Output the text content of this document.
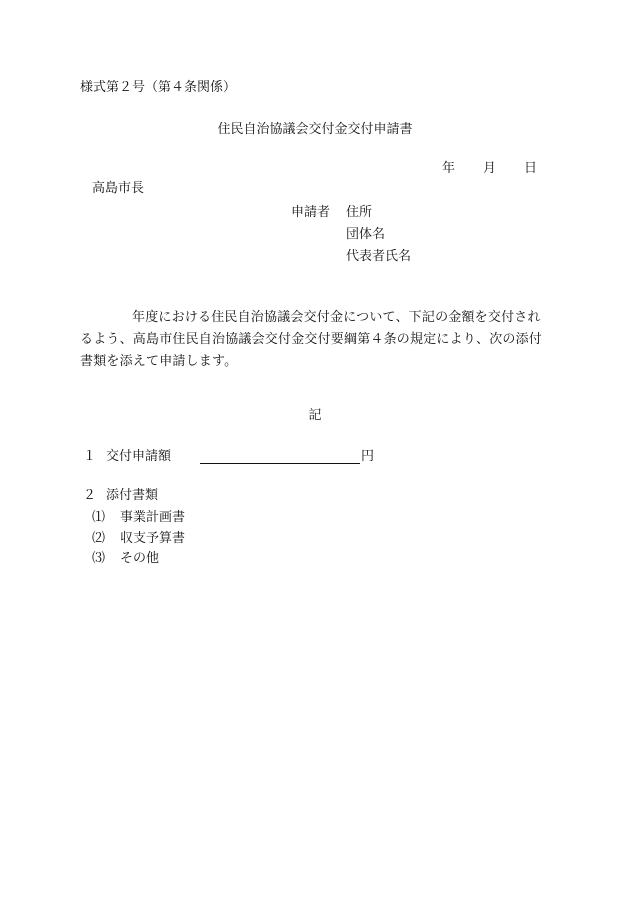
様式第２号（第４条関係）
住民自治協議会交付金交付申請書
年 月 日
高島市長
申請者 住所
団体名
代表者氏名
年度における住民自治協議会交付金について、下記の金額を交付されるよう、高島市住民自治協議会交付金交付要綱第４条の規定により、次の添付書類を添えて申請します。
記
１ 交付申請額	円
２ 添付書類
⑴ 事業計画書
⑵ 収支予算書
⑶ その他
